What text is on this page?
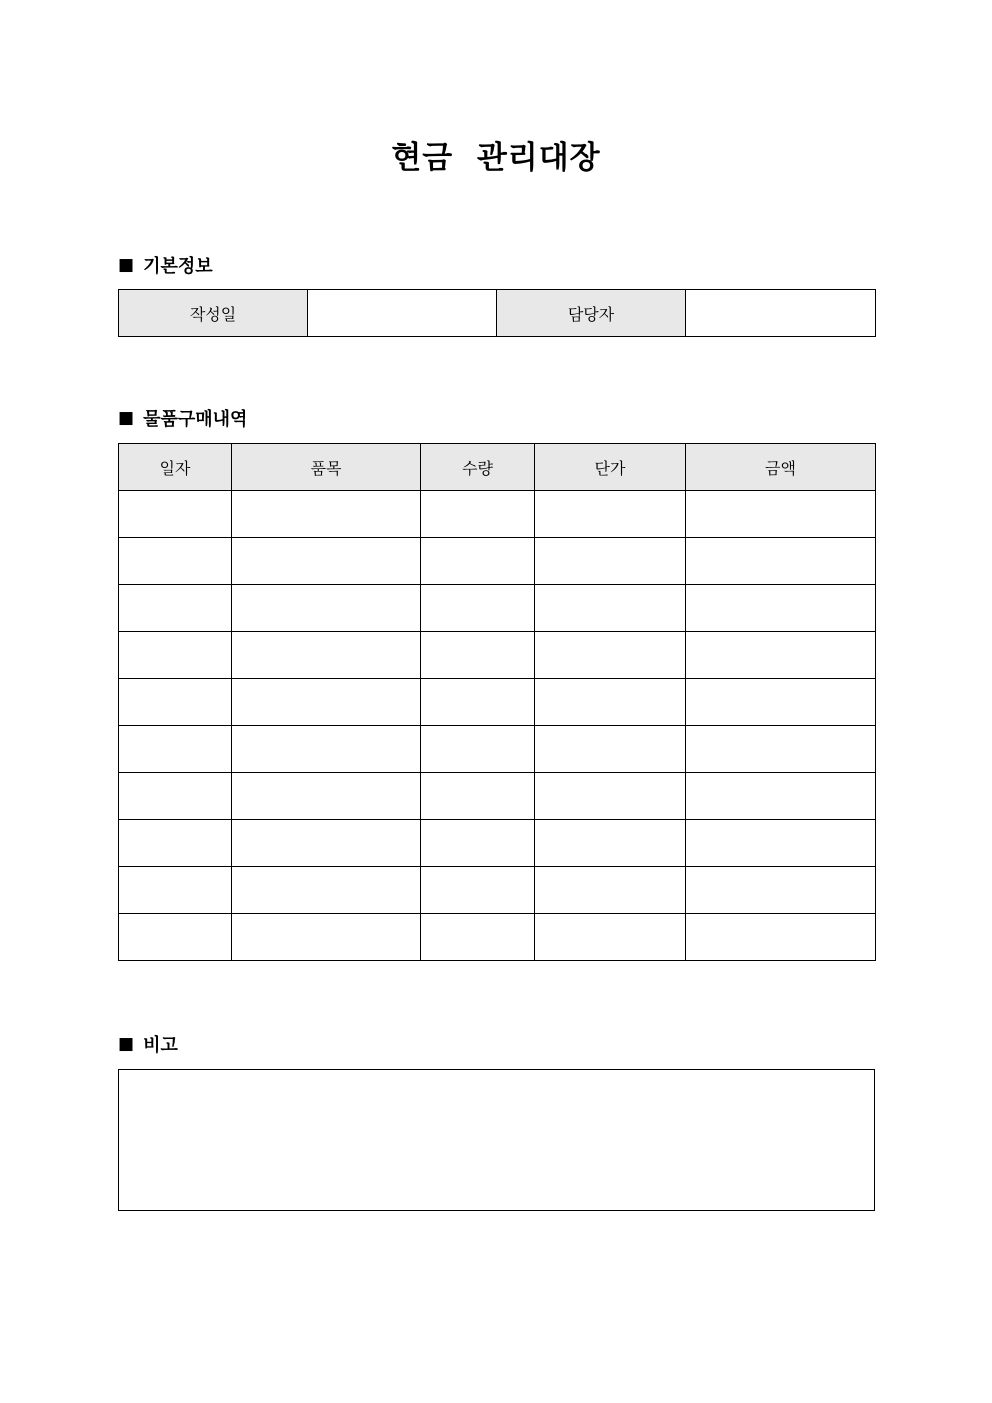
현금  관리대장
■ 기본정보
작성일		담당자	
■ 물품구매내역
일자	품목	수량	단가	금액

■ 비고
